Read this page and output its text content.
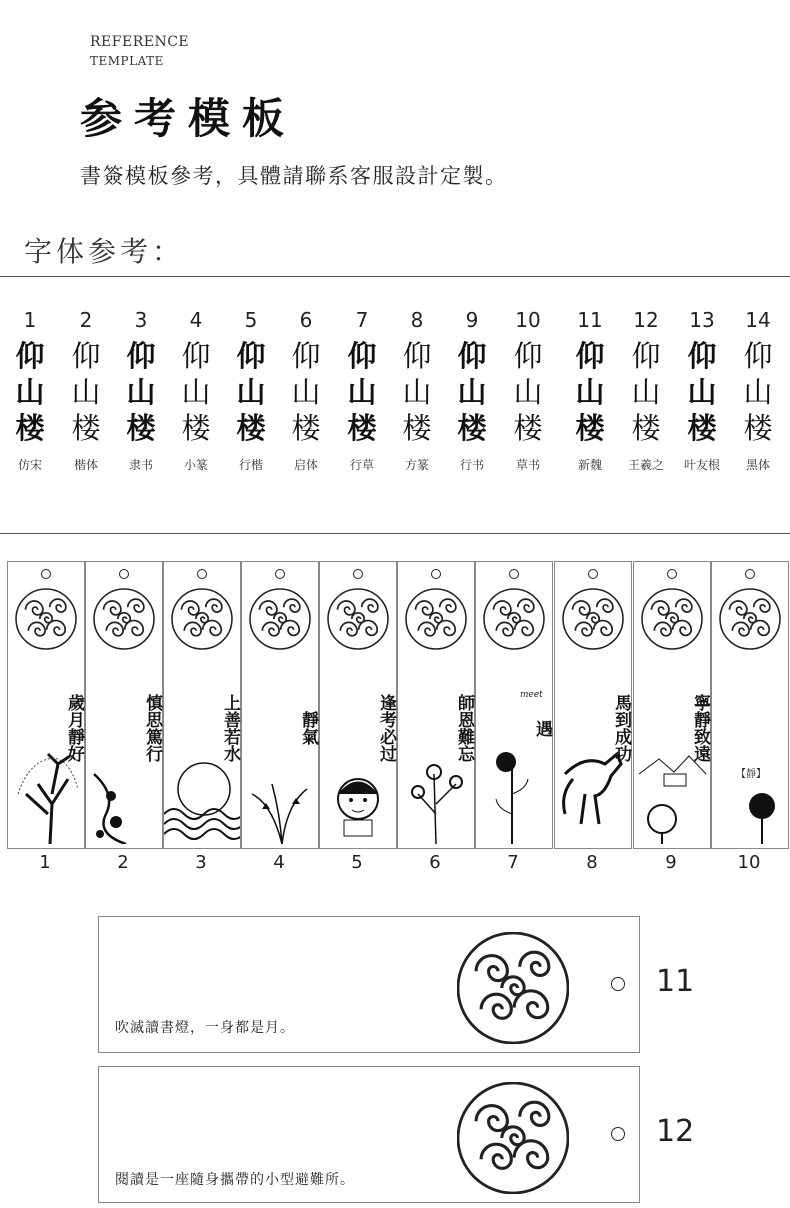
REFERENCE
TEMPLATE
参考模板
書簽模板參考，具體請聯系客服設計定製。
字体参考：
1
仰
山
楼
仿宋
2
仰
山
楼
楷体
3
仰
山
楼
隶书
4
仰
山
楼
小篆
5
仰
山
楼
行楷
6
仰
山
楼
启体
7
仰
山
楼
行草
8
仰
山
楼
方篆
9
仰
山
楼
行书
10
仰
山
楼
草书
11
仰
山
楼
新魏
12
仰
山
楼
王羲之
13
仰
山
楼
叶友根
14
仰
山
楼
黑体
歲月靜好
1
慎思篤行
2
上善若水
3
靜氣
4
逢考必过
5
師恩難忘
6
遇
meet
7
馬到成功
8
寧靜致遠
9
【靜】
10
吹滅讀書燈，一身都是月。
11
閱讀是一座隨身攜帶的小型避難所。
12
